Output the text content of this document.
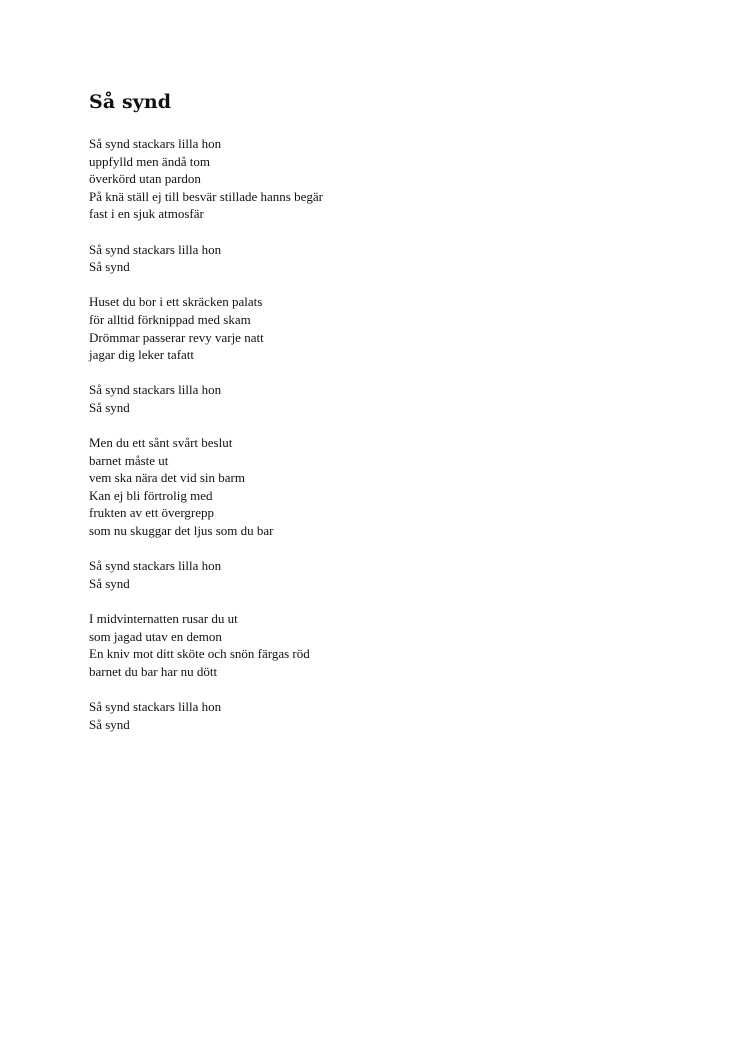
Så synd
Så synd stackars lilla hon
uppfylld men ändå tom
överkörd utan pardon
På knä ställ ej till besvär stillade hanns begär
fast i en sjuk atmosfär
Så synd stackars lilla hon
Så synd
Huset du bor i ett skräcken palats
för alltid förknippad med skam
Drömmar passerar revy varje natt
jagar dig leker tafatt
Så synd stackars lilla hon
Så synd
Men du ett sånt svårt beslut
barnet måste ut
vem ska nära det vid sin barm
Kan ej bli förtrolig med
frukten av ett övergrepp
som nu skuggar det ljus som du bar
Så synd stackars lilla hon
Så synd
I midvinternatten rusar du ut
som jagad utav en demon
En kniv mot ditt sköte och snön färgas röd
barnet du bar har nu dött
Så synd stackars lilla hon
Så synd
